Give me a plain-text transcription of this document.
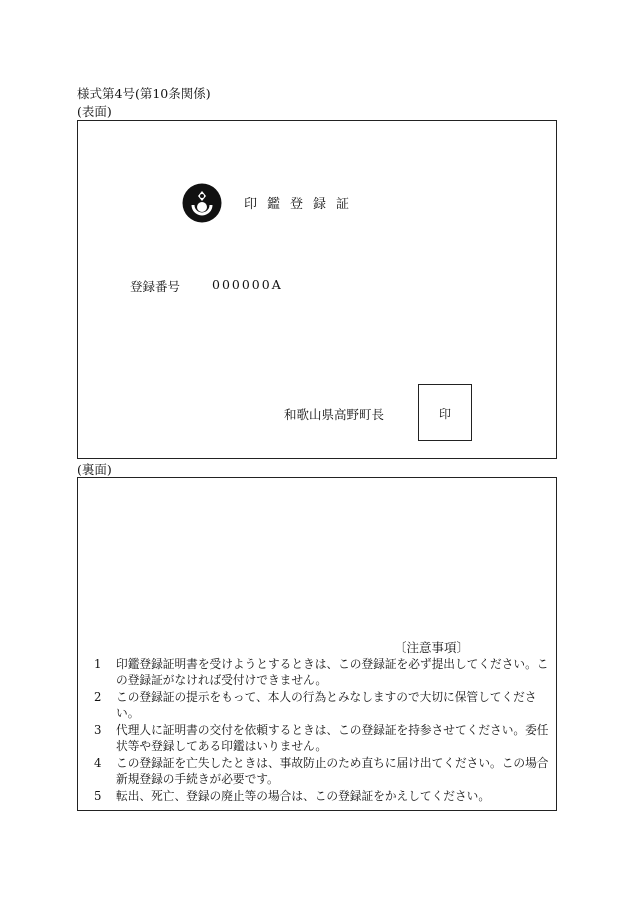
様式第4号(第10条関係)
(表面)
印鑑登録証
登録番号	000000A
和歌山県高野町長	印
(裏面)
〔注意事項〕
1 印鑑登録証明書を受けようとするときは、この登録証を必ず提出してください。この登録証がなければ受付けできません。
2 この登録証の提示をもって、本人の行為とみなしますので大切に保管してください。
3 代理人に証明書の交付を依頼するときは、この登録証を持参させてください。委任状等や登録してある印鑑はいりません。
4 この登録証を亡失したときは、事故防止のため直ちに届け出てください。この場合新規登録の手続きが必要です。
5 転出、死亡、登録の廃止等の場合は、この登録証をかえしてください。
